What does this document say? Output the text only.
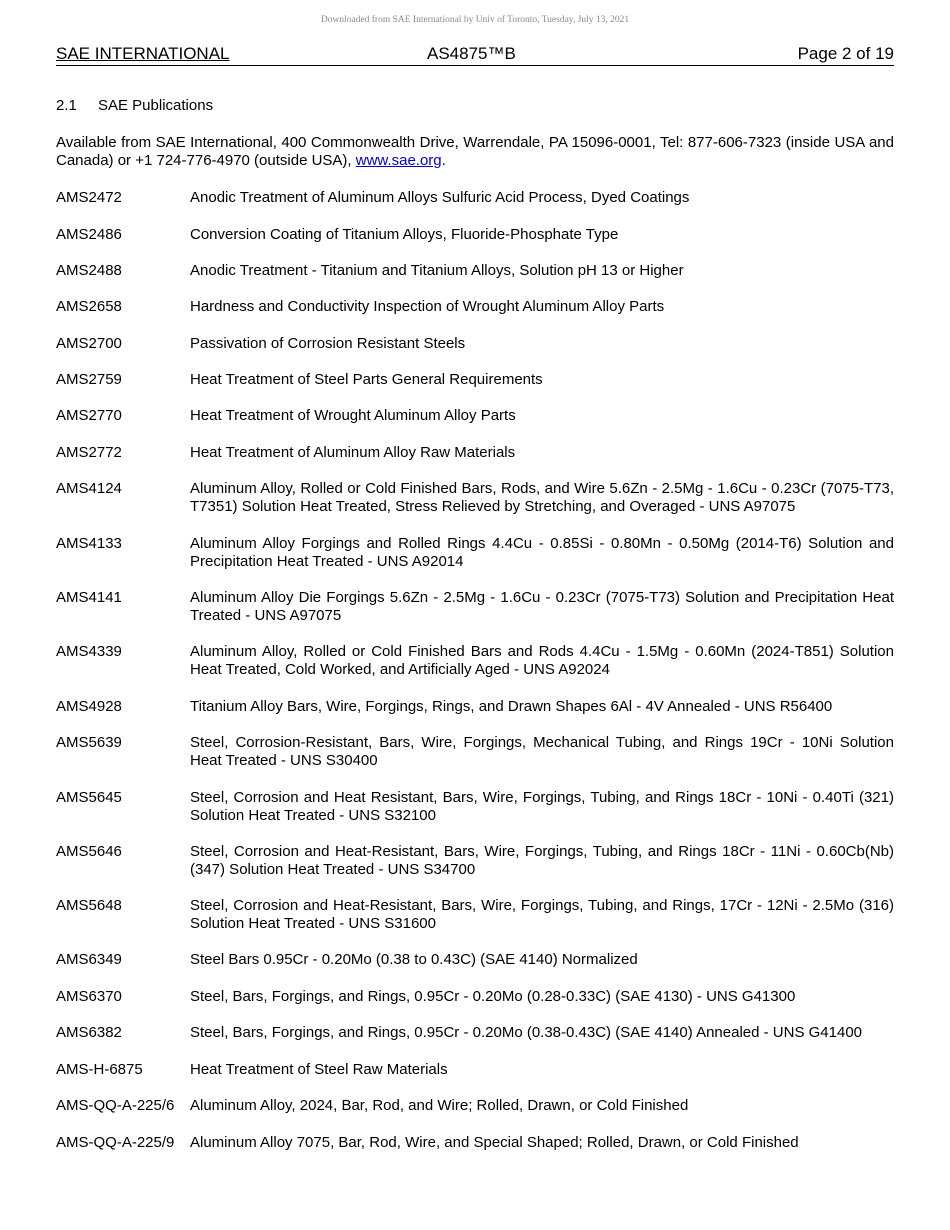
Downloaded from SAE International by Univ of Toronto, Tuesday, July 13, 2021
SAE INTERNATIONAL	AS4875™B	Page 2 of 19
2.1 SAE Publications
Available from SAE International, 400 Commonwealth Drive, Warrendale, PA 15096-0001, Tel: 877-606-7323 (inside USA and Canada) or +1 724-776-4970 (outside USA), www.sae.org.
AMS2472	Anodic Treatment of Aluminum Alloys Sulfuric Acid Process, Dyed Coatings
AMS2486	Conversion Coating of Titanium Alloys, Fluoride-Phosphate Type
AMS2488	Anodic Treatment - Titanium and Titanium Alloys, Solution pH 13 or Higher
AMS2658	Hardness and Conductivity Inspection of Wrought Aluminum Alloy Parts
AMS2700	Passivation of Corrosion Resistant Steels
AMS2759	Heat Treatment of Steel Parts General Requirements
AMS2770	Heat Treatment of Wrought Aluminum Alloy Parts
AMS2772	Heat Treatment of Aluminum Alloy Raw Materials
AMS4124	Aluminum Alloy, Rolled or Cold Finished Bars, Rods, and Wire 5.6Zn - 2.5Mg - 1.6Cu - 0.23Cr (7075-T73, T7351) Solution Heat Treated, Stress Relieved by Stretching, and Overaged - UNS A97075
AMS4133	Aluminum Alloy Forgings and Rolled Rings 4.4Cu - 0.85Si - 0.80Mn - 0.50Mg (2014-T6) Solution and Precipitation Heat Treated - UNS A92014
AMS4141	Aluminum Alloy Die Forgings 5.6Zn - 2.5Mg - 1.6Cu - 0.23Cr (7075-T73) Solution and Precipitation Heat Treated - UNS A97075
AMS4339	Aluminum Alloy, Rolled or Cold Finished Bars and Rods 4.4Cu - 1.5Mg - 0.60Mn (2024-T851) Solution Heat Treated, Cold Worked, and Artificially Aged - UNS A92024
AMS4928	Titanium Alloy Bars, Wire, Forgings, Rings, and Drawn Shapes 6Al - 4V Annealed - UNS R56400
AMS5639	Steel, Corrosion-Resistant, Bars, Wire, Forgings, Mechanical Tubing, and Rings 19Cr - 10Ni Solution Heat Treated - UNS S30400
AMS5645	Steel, Corrosion and Heat Resistant, Bars, Wire, Forgings, Tubing, and Rings 18Cr - 10Ni - 0.40Ti (321) Solution Heat Treated - UNS S32100
AMS5646	Steel, Corrosion and Heat-Resistant, Bars, Wire, Forgings, Tubing, and Rings 18Cr - 11Ni - 0.60Cb(Nb) (347) Solution Heat Treated - UNS S34700
AMS5648	Steel, Corrosion and Heat-Resistant, Bars, Wire, Forgings, Tubing, and Rings, 17Cr - 12Ni - 2.5Mo (316) Solution Heat Treated - UNS S31600
AMS6349	Steel Bars 0.95Cr - 0.20Mo (0.38 to 0.43C) (SAE 4140) Normalized
AMS6370	Steel, Bars, Forgings, and Rings, 0.95Cr - 0.20Mo (0.28-0.33C) (SAE 4130) - UNS G41300
AMS6382	Steel, Bars, Forgings, and Rings, 0.95Cr - 0.20Mo (0.38-0.43C) (SAE 4140) Annealed - UNS G41400
AMS-H-6875	Heat Treatment of Steel Raw Materials
AMS-QQ-A-225/6 Aluminum Alloy, 2024, Bar, Rod, and Wire; Rolled, Drawn, or Cold Finished
AMS-QQ-A-225/9 Aluminum Alloy 7075, Bar, Rod, Wire, and Special Shaped; Rolled, Drawn, or Cold Finished
